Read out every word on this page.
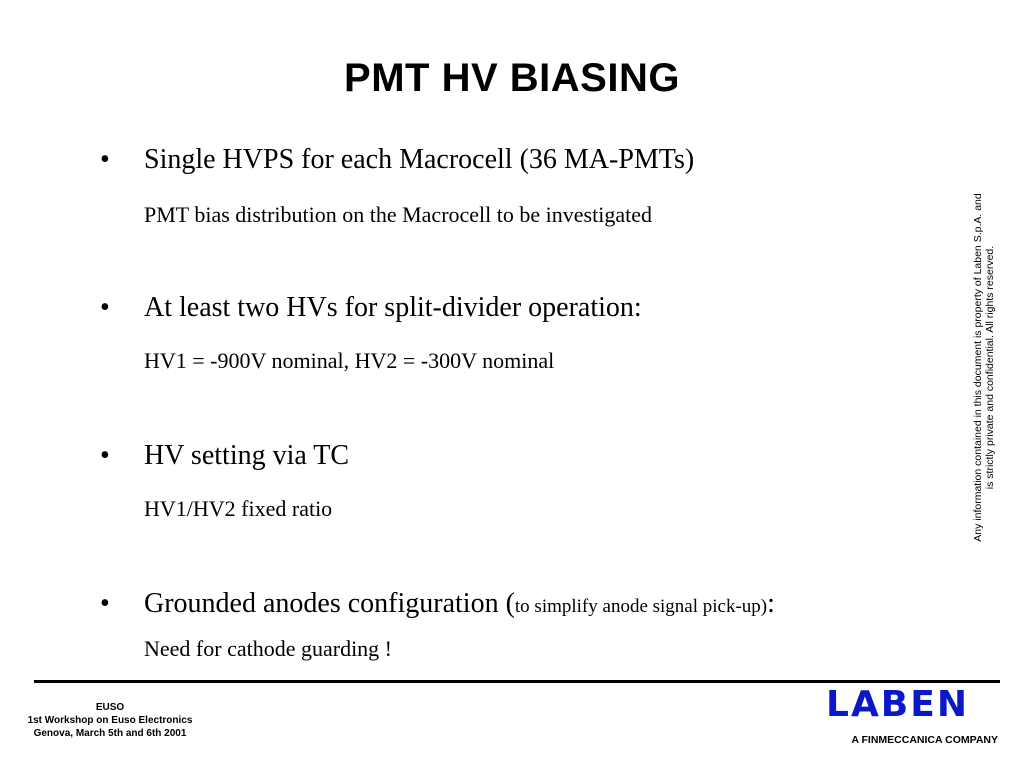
PMT HV BIASING
• Single HVPS for each Macrocell (36 MA-PMTs)
PMT bias distribution on the Macrocell to be investigated
• At least two HVs for split-divider operation:
HV1 = -900V nominal, HV2 = -300V nominal
• HV setting via TC
HV1/HV2 fixed ratio
• Grounded anodes configuration (to simplify anode signal pick-up):
Need for cathode guarding !
Any information contained in this document is property of Laben S.p.A. and is strictly private and confidential. All rights reserved.
EUSO
1st Workshop on Euso Electronics
Genova, March 5th and 6th 2001
LABEN
A FINMECCANICA COMPANY
